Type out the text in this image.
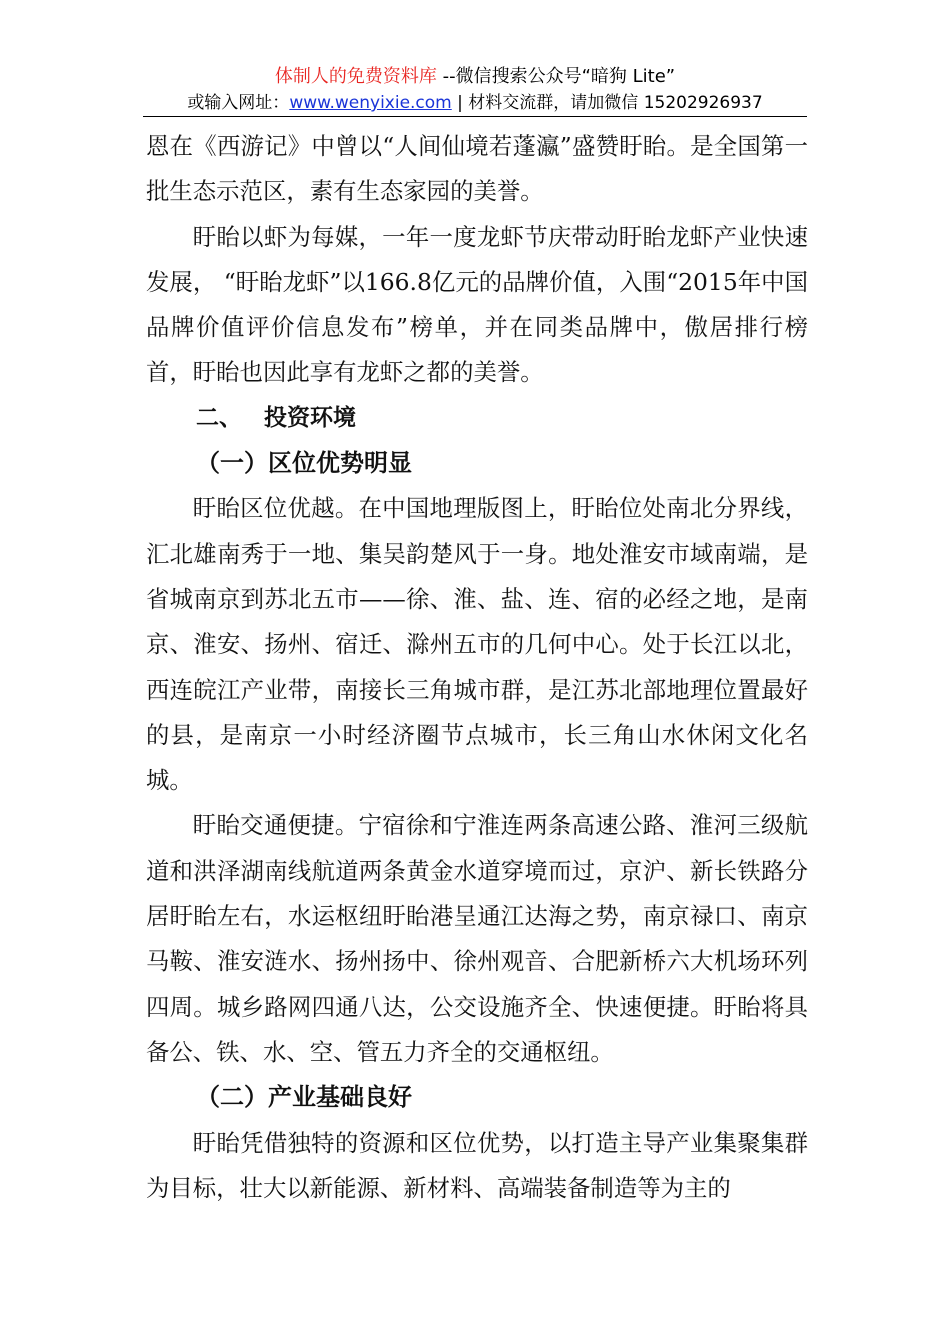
体制人的免费资料库 --微信搜索公众号“暗狗 Lite”
或输入网址：www.wenyixie.com | 材料交流群，请加微信 15202926937

恩在《西游记》中曾以“人间仙境若蓬瀛”盛赞盱眙。是全国第一批生态示范区，素有生态家园的美誉。

盱眙以虾为每媒，一年一度龙虾节庆带动盱眙龙虾产业快速发展， “盱眙龙虾”以166.8亿元的品牌价值，入围“2015年中国品牌价值评价信息发布”榜单，并在同类品牌中，傲居排行榜首，盱眙也因此享有龙虾之都的美誉。

二、 投资环境
（一）区位优势明显

盱眙区位优越。在中国地理版图上，盱眙位处南北分界线，汇北雄南秀于一地、集吴韵楚风于一身。地处淮安市域南端，是省城南京到苏北五市——徐、淮、盐、连、宿的必经之地，是南京、淮安、扬州、宿迁、滁州五市的几何中心。处于长江以北，西连皖江产业带，南接长三角城市群，是江苏北部地理位置最好的县，是南京一小时经济圈节点城市，长三角山水休闲文化名城。

盱眙交通便捷。宁宿徐和宁淮连两条高速公路、淮河三级航道和洪泽湖南线航道两条黄金水道穿境而过，京沪、新长铁路分居盱眙左右，水运枢纽盱眙港呈通江达海之势，南京禄口、南京马鞍、淮安涟水、扬州扬中、徐州观音、合肥新桥六大机场环列四周。城乡路网四通八达，公交设施齐全、快速便捷。盱眙将具备公、铁、水、空、管五力齐全的交通枢纽。

（二）产业基础良好

盱眙凭借独特的资源和区位优势，以打造主导产业集聚集群为目标，壮大以新能源、新材料、高端装备制造等为主的
